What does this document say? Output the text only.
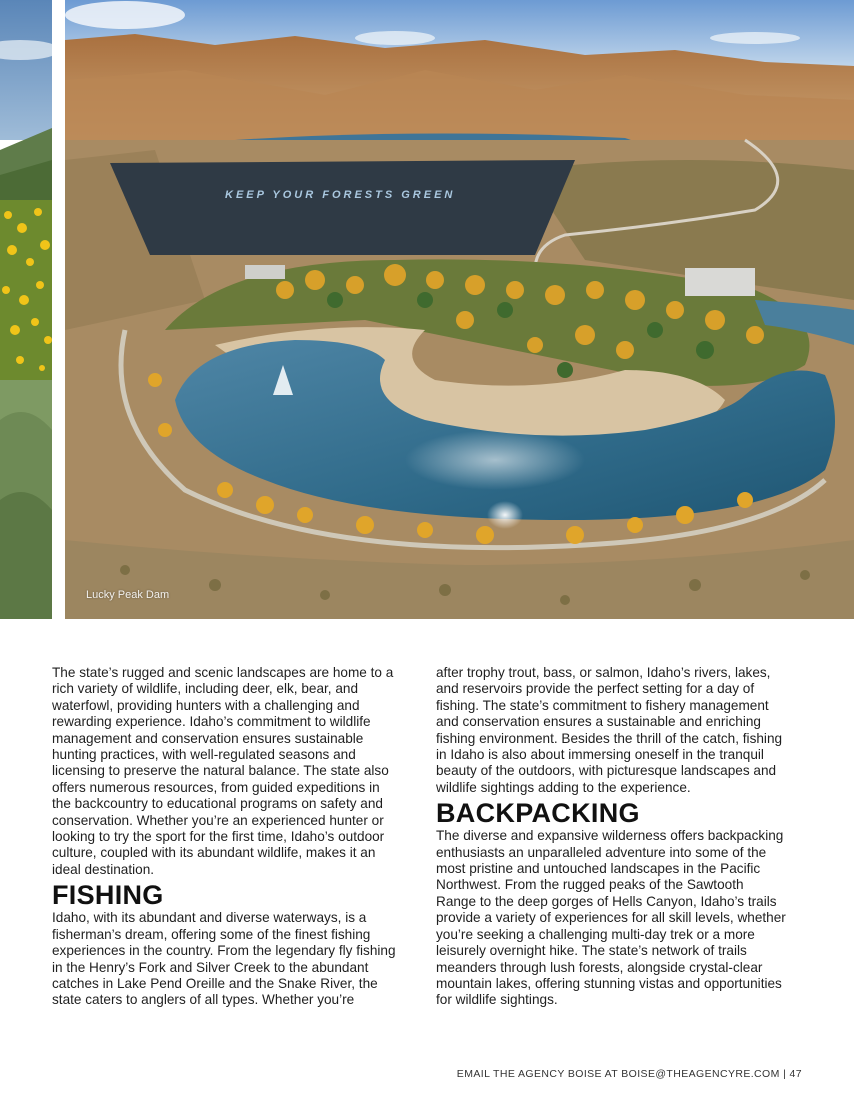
KEEP YOUR FORESTS GREEN
Lucky Peak Dam

The state’s rugged and scenic landscapes are home to a rich variety of wildlife, including deer, elk, bear, and waterfowl, providing hunters with a challenging and rewarding experience. Idaho’s commitment to wildlife management and conservation ensures sustainable hunting practices, with well-regulated seasons and licensing to preserve the natural balance. The state also offers numerous resources, from guided expeditions in the backcountry to educational programs on safety and conservation. Whether you’re an experienced hunter or looking to try the sport for the first time, Idaho’s outdoor culture, coupled with its abundant wildlife, makes it an ideal destination.

FISHING

Idaho, with its abundant and diverse waterways, is a fisherman’s dream, offering some of the finest fishing experiences in the country. From the legendary fly fishing in the Henry’s Fork and Silver Creek to the abundant catches in Lake Pend Oreille and the Snake River, the state caters to anglers of all types. Whether you’re

after trophy trout, bass, or salmon, Idaho’s rivers, lakes, and reservoirs provide the perfect setting for a day of fishing. The state’s commitment to fishery management and conservation ensures a sustainable and enriching fishing environment. Besides the thrill of the catch, fishing in Idaho is also about immersing oneself in the tranquil beauty of the outdoors, with picturesque landscapes and wildlife sightings adding to the experience.

BACKPACKING

The diverse and expansive wilderness offers backpacking enthusiasts an unparalleled adventure into some of the most pristine and untouched landscapes in the Pacific Northwest. From the rugged peaks of the Sawtooth Range to the deep gorges of Hells Canyon, Idaho’s trails provide a variety of experiences for all skill levels, whether you’re seeking a challenging multi-day trek or a more leisurely overnight hike. The state’s network of trails meanders through lush forests, alongside crystal-clear mountain lakes, offering stunning vistas and opportunities for wildlife sightings.

EMAIL THE AGENCY BOISE AT BOISE@THEAGENCYRE.COM | 47
